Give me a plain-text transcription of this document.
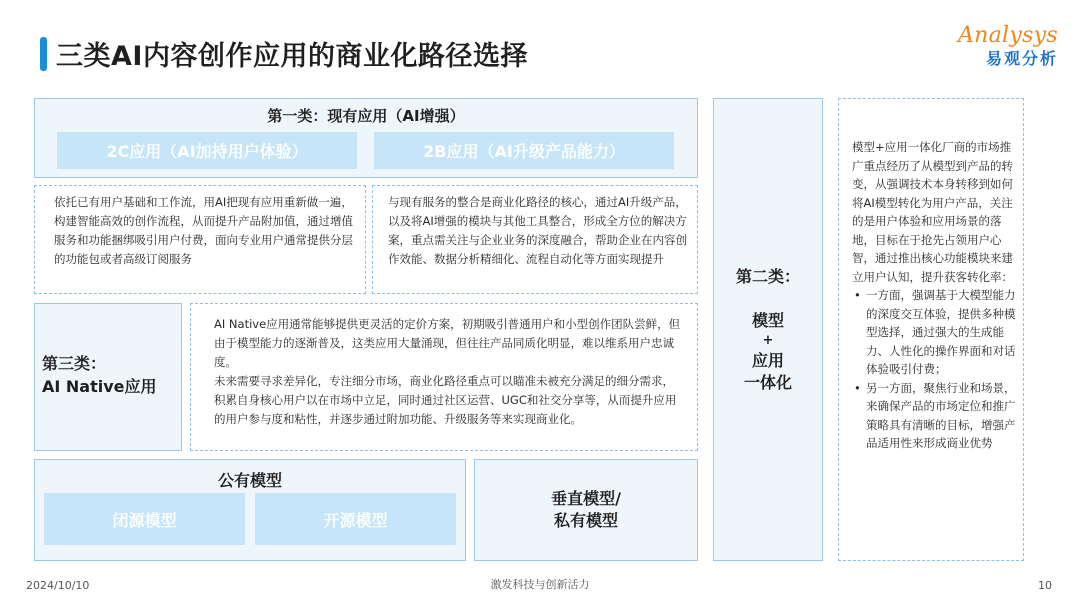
三类AI内容创作应用的商业化路径选择
Analysys
易观分析
第一类：现有应用（AI增强）
2C应用（AI加持用户体验）	2B应用（AI升级产品能力）
依托已有用户基础和工作流，用AI把现有应用重新做一遍，构建智能高效的创作流程，从而提升产品附加值，通过增值服务和功能捆绑吸引用户付费，面向专业用户通常提供分层的功能包或者高级订阅服务
与现有服务的整合是商业化路径的核心，通过AI升级产品，以及将AI增强的模块与其他工具整合，形成全方位的解决方案，重点需关注与企业业务的深度融合，帮助企业在内容创作效能、数据分析精细化、流程自动化等方面实现提升
第三类：
AI Native应用
AI Native应用通常能够提供更灵活的定价方案，初期吸引普通用户和小型创作团队尝鲜，但由于模型能力的逐渐普及，这类应用大量涌现，但往往产品同质化明显，难以维系用户忠诚度。
未来需要寻求差异化，专注细分市场，商业化路径重点可以瞄准未被充分满足的细分需求，积累自身核心用户以在市场中立足，同时通过社区运营、UGC和社交分享等，从而提升应用的用户参与度和粘性，并逐步通过附加功能、升级服务等来实现商业化。
公有模型
闭源模型	开源模型
垂直模型/
私有模型
第二类：
模型
+
应用
一体化
模型+应用一体化厂商的市场推广重点经历了从模型到产品的转变，从强调技术本身转移到如何将AI模型转化为用户产品，关注的是用户体验和应用场景的落地，目标在于抢先占领用户心智，通过推出核心功能模块来建立用户认知，提升获客转化率：
• 一方面，强调基于大模型能力的深度交互体验，提供多种模型选择，通过强大的生成能力、人性化的操作界面和对话体验吸引付费；
• 另一方面，聚焦行业和场景，来确保产品的市场定位和推广策略具有清晰的目标，增强产品适用性来形成商业优势
2024/10/10	激发科技与创新活力	10
